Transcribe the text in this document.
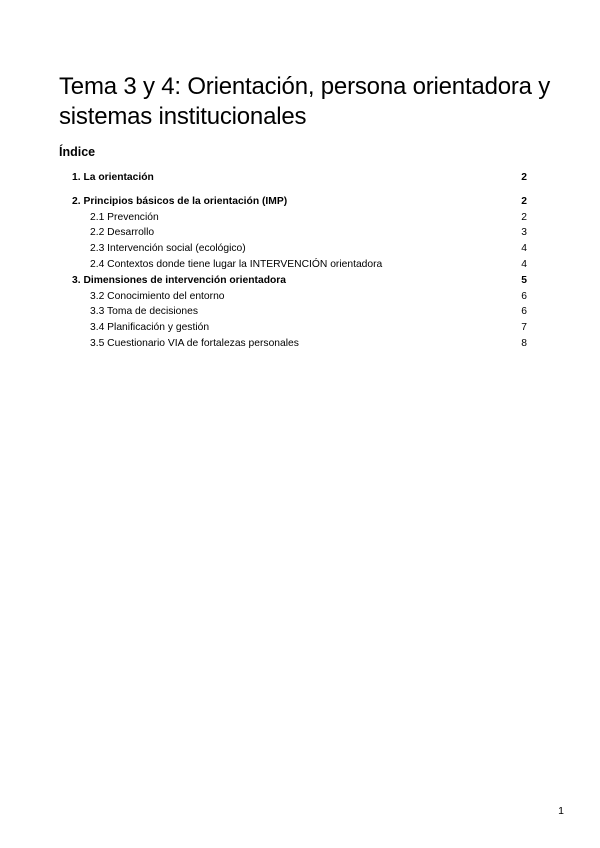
Tema 3 y 4: Orientación, persona orientadora y sistemas institucionales
Índice
1. La orientación	2
2. Principios básicos de la orientación (IMP)	2
2.1 Prevención	2
2.2 Desarrollo	3
2.3 Intervención social (ecológico)	4
2.4 Contextos donde tiene lugar la INTERVENCIÓN orientadora	4
3. Dimensiones de intervención orientadora	5
3.2 Conocimiento del entorno	6
3.3 Toma de decisiones	6
3.4 Planificación y gestión	7
3.5 Cuestionario VIA de fortalezas personales	8
1
